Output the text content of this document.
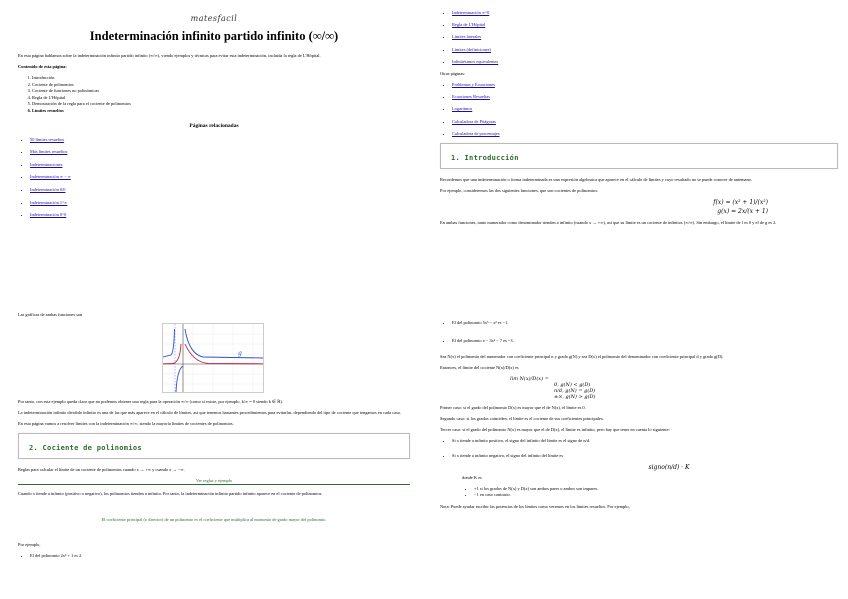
matesfacil
Indeterminación infinito partido infinito (∞/∞)

En esta página hablamos sobre la indeterminación infinito partido infinito (∞/∞), viendo ejemplos y técnicas para evitar esta indeterminación, incluida la regla de L'Hôpital.

Contenido de esta página:

1. Introducción
2. Cociente de polinomios
3. Cociente de funciones no polinómicas
4. Regla de L'Hôpital
5. Demostración de la regla para el cociente de polinomios
6. Límites resueltos
Páginas relacionadas
• 50 límites resueltos
• Más límites resueltos
• Indeterminaciones
• Indeterminación ∞ − ∞
• Indeterminación 0/0
• Indeterminación 1^∞
• Indeterminación 0^0
• Indeterminación ∞^0
• Regla de L'Hôpital
• Límites laterales
• Límites (definiciones)
• Infinitésimos equivalentes

Otras páginas:

• Problemas y Ecuaciones
• Ecuaciones Resueltas
• Logaritmos
• Calculadora de Pitágoras
• Calculadora de porcentajes
1. Introducción

Recordemos que una indeterminación o forma indeterminada es una expresión algebraica que aparece en el cálculo de límites y cuyo resultado no se puede conocer de antemano.

Por ejemplo, consideremos las dos siguientes funciones, que son cocientes de polinomios:

f(x) = (x² + 1)/(x²)
g(x) = 2x/(x + 1)

En ambas funciones, tanto numerador como denominador tienden a infinito (cuando x → +∞), así que su límite es un cociente de infinitos (∞/∞). Sin embargo, el límite de f es 0 y el de g es 2.

Las gráficas de ambas funciones son

g

Por tanto, con esta ejemplo queda claro que no podemos obtener una regla para la operación ∞/∞ (como sí existe, por ejemplo, k/∞ = 0 siendo k ∈ ℝ).

La indeterminación infinito dividido infinito es una de las que más aparece en el cálculo de límites, así que tenemos bastantes procedimientos para evitarlas, dependiendo del tipo de cociente que tengamos en cada caso.

En esta página vamos a resolver límites con la indeterminación ∞/∞, siendo la mayoría límites de cocientes de polinomios.

2. Cociente de polinomios

Reglas para calcular el límite de un cociente de polinomios cuando x → +∞ y cuando x → −∞.

Ver reglas y ejemplo

Cuando x tiende a infinito (positivo o negativo), los polinomios tienden a infinito. Por tanto, la indeterminación infinito partido infinito aparece en el cociente de polinomios.

El coeficiente principal (o director) de un polinomio es el coeficiente que multiplica al monomio de grado mayor del polinomio.

Por ejemplo,

• El del polinomio 2x³ + 1 es 2.
• El del polinomio 5x⁵ − x² es −1.
• El del polinomio x − 3x³ − 7 es −3.

Sea N(x) el polinomio del numerador con coeficiente principal n y grado g(N) y sea D(x) el polinomio del denominador con coeficiente principal d y grado g(D).

Entonces, el límite del cociente N(x)/D(x) es

lim N(x)/D(x) =
0, g(N) < g(D)
n/d, g(N) = g(D)
±∞, g(N) > g(D)

Primer caso: si el grado del polinomio D(x) es mayor que el de N(x), el límite es 0.

Segundo caso: si los grados coinciden, el límite es el cociente de sus coeficientes principales.

Tercer caso: si el grado del polinomio N(x) es mayor que el de D(x), el límite es infinito, pero hay que tener en cuenta lo siguiente:

• Si x tiende a infinito positivo, el signo del infinito del límite es el signo de n/d.
• Si x tiende a infinito negativo, el signo del infinito del límite es
signo(n/d) · K

donde K es

• +1 si los grados de N(x) y D(x) son ambos pares o ambos son impares.
• −1 en caso contrario.

Nota: Puede ayudar escribir las potencias de los límites como veremos en los límites resueltos. Por ejemplo,
